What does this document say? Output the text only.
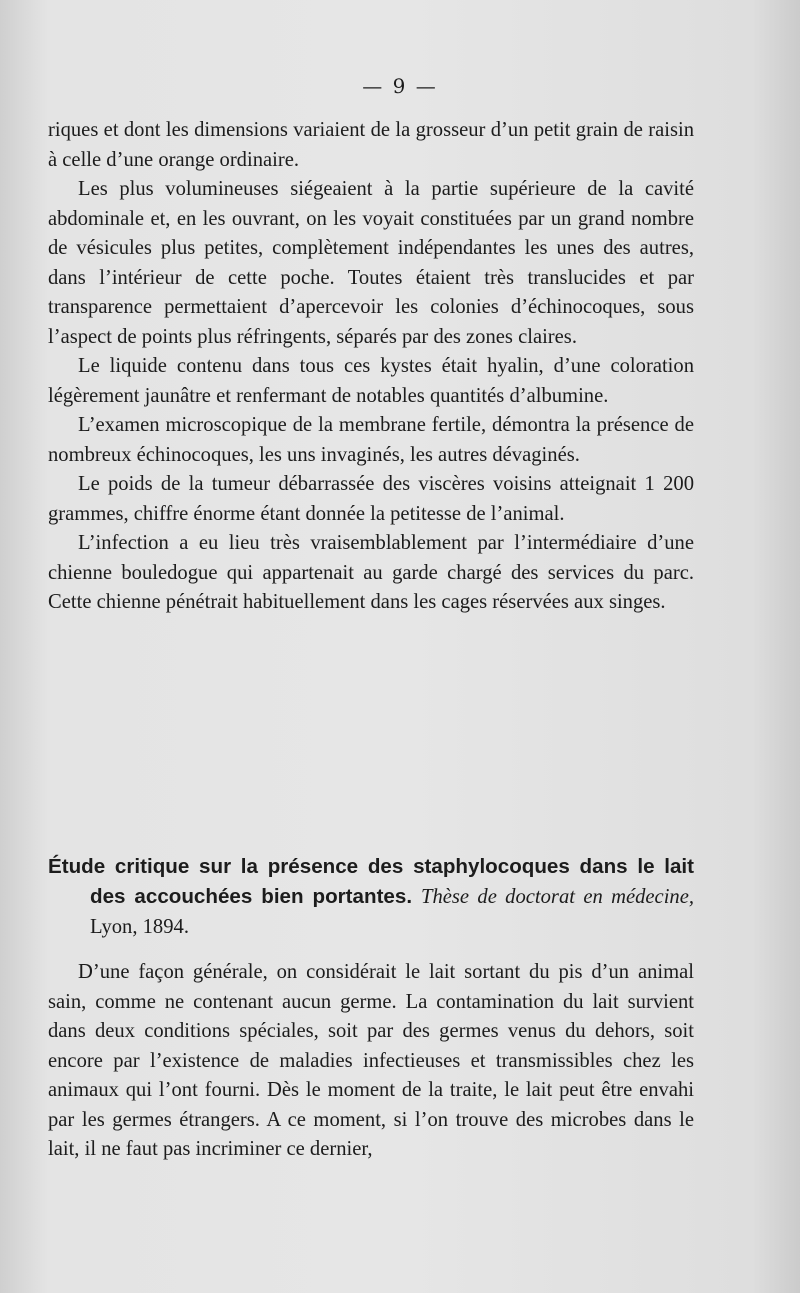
— 9 —

riques et dont les dimensions variaient de la grosseur d’un petit grain de raisin à celle d’une orange ordinaire.

Les plus volumineuses siégeaient à la partie supérieure de la cavité abdominale et, en les ouvrant, on les voyait constituées par un grand nombre de vésicules plus petites, complètement indépendantes les unes des autres, dans l’intérieur de cette poche. Toutes étaient très translucides et par transparence permettaient d’apercevoir les colonies d’échinocoques, sous l’aspect de points plus réfringents, séparés par des zones claires.

Le liquide contenu dans tous ces kystes était hyalin, d’une coloration légèrement jaunâtre et renfermant de notables quantités d’albumine.

L’examen microscopique de la membrane fertile, démontra la présence de nombreux échinocoques, les uns invaginés, les autres dévaginés.

Le poids de la tumeur débarrassée des viscères voisins atteignait 1 200 grammes, chiffre énorme étant donnée la petitesse de l’animal.

L’infection a eu lieu très vraisemblablement par l’intermédiaire d’une chienne bouledogue qui appartenait au garde chargé des services du parc. Cette chienne pénétrait habituellement dans les cages réservées aux singes.

Étude critique sur la présence des staphylocoques dans le lait des accouchées bien portantes. Thèse de doctorat en médecine, Lyon, 1894.

D’une façon générale, on considérait le lait sortant du pis d’un animal sain, comme ne contenant aucun germe. La contamination du lait survient dans deux conditions spéciales, soit par des germes venus du dehors, soit encore par l’existence de maladies infectieuses et transmissibles chez les animaux qui l’ont fourni. Dès le moment de la traite, le lait peut être envahi par les germes étrangers. A ce moment, si l’on trouve des microbes dans le lait, il ne faut pas incriminer ce dernier,
